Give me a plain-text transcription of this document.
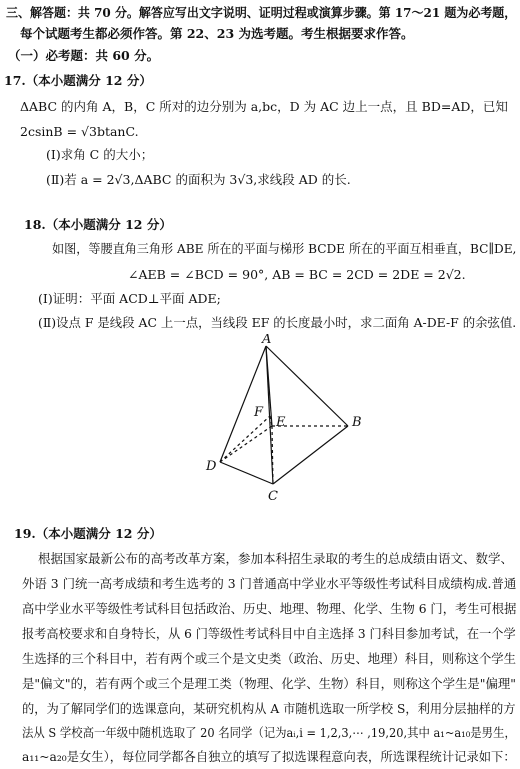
三、解答题：共 70 分。解答应写出文字说明、证明过程或演算步骤。第 17～21 题为必考题，
每个试题考生都必须作答。第 22、23 为选考题。考生根据要求作答。
（一）必考题：共 60 分。
17.（本小题满分 12 分）
ΔABC 的内角 A，B，C 所对的边分别为 a,bc，D 为 AC 边上一点，且 BD=AD，已知
2csinB = √3btanC.
(Ⅰ)求角 C 的大小；
(Ⅱ)若 a = 2√3,ΔABC 的面积为 3√3,求线段 AD 的长.
18.（本小题满分 12 分）
如图，等腰直角三角形 ABE 所在的平面与梯形 BCDE 所在的平面互相垂直，BC∥DE,
∠AEB = ∠BCD = 90°, AB = BC = 2CD = 2DE = 2√2.
(Ⅰ)证明：平面 ACD⊥平面 ADE;
(Ⅱ)设点 F 是线段 AC 上一点，当线段 EF 的长度最小时，求二面角 A-DE-F 的余弦值.
A
B
C
D
E
F
19.（本小题满分 12 分）
根据国家最新公布的高考改革方案，参加本科招生录取的考生的总成绩由语文、数学、
外语 3 门统一高考成绩和考生选考的 3 门普通高中学业水平等级性考试科目成绩构成.普通
高中学业水平等级性考试科目包括政治、历史、地理、物理、化学、生物 6 门，考生可根据
报考高校要求和自身特长，从 6 门等级性考试科目中自主选择 3 门科目参加考试，在一个学
生选择的三个科目中，若有两个或三个是文史类（政治、历史、地理）科目，则称这个学生
是"偏文"的，若有两个或三个是理工类（物理、化学、生物）科目，则称这个学生是"偏理"
的，为了解同学们的选课意向，某研究机构从 A 市随机选取一所学校 S，利用分层抽样的方
法从 S 学校高一年级中随机选取了 20 名同学（记为aᵢ,i = 1,2,3,⋯ ,19,20,其中 a₁~a₁₀是男生，
a₁₁~a₂₀是女生），每位同学都各自独立的填写了拟选课程意向表，所选课程统计记录如下：
